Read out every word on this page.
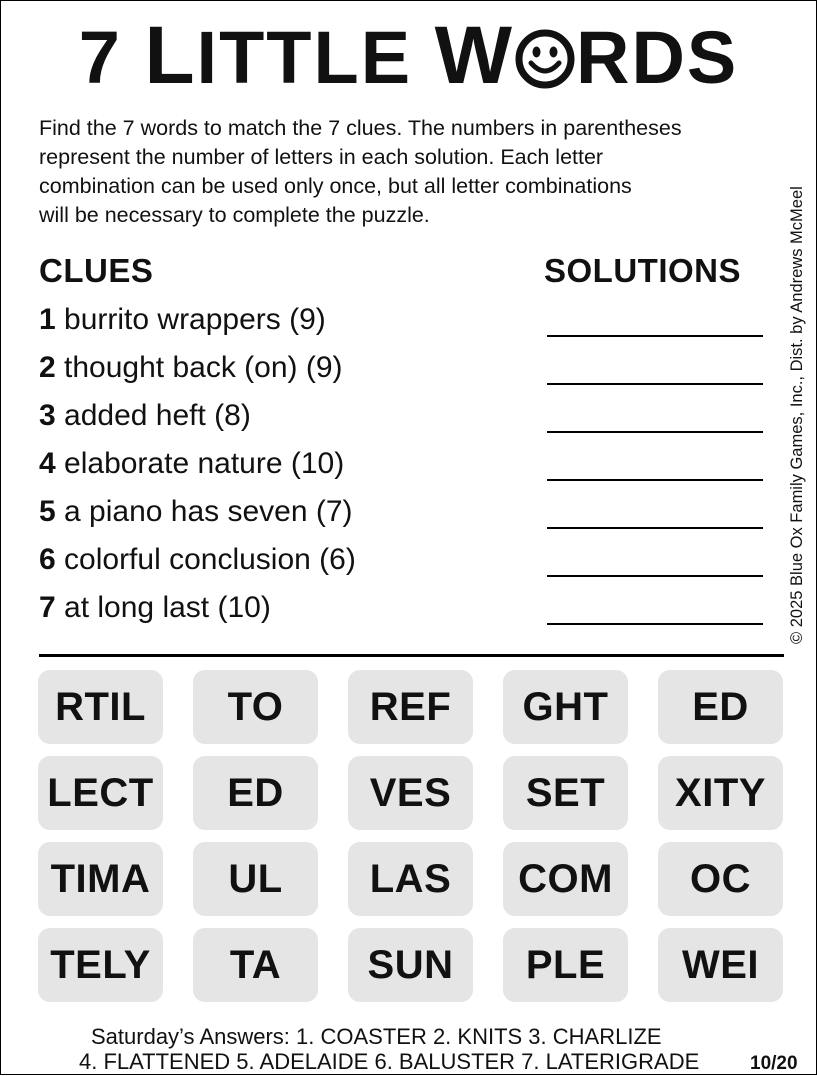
7 LITTLE W RDS
Find the 7 words to match the 7 clues. The numbers in parentheses
represent the number of letters in each solution. Each letter
combination can be used only once, but all letter combinations
will be necessary to complete the puzzle.
CLUES	SOLUTIONS
1 burrito wrappers (9)
2 thought back (on) (9)
3 added heft (8)
4 elaborate nature (10)
5 a piano has seven (7)
6 colorful conclusion (6)
7 at long last (10)	© 2025 Blue Ox Family Games, Inc., Dist. by Andrews McMeel
RTIL	TO	REF	GHT	ED
LECT	ED	VES	SET	XITY
TIMA	UL	LAS	COM	OC
TELY	TA	SUN	PLE	WEI
Saturday’s Answers: 1. COASTER 2. KNITS 3. CHARLIZE
4. FLATTENED 5. ADELAIDE 6. BALUSTER 7. LATERIGRADE	10/20
